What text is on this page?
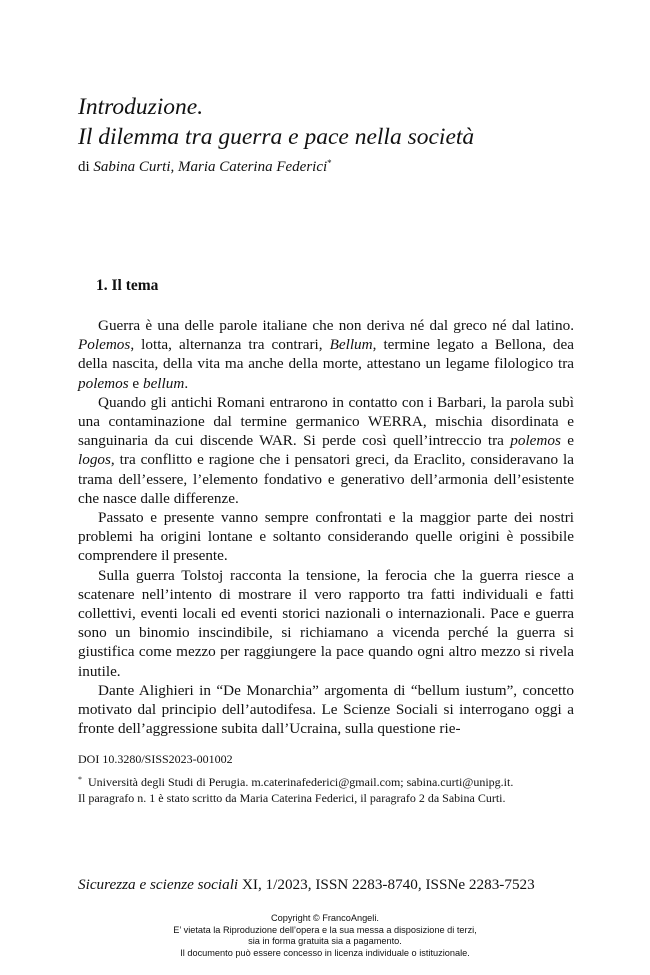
Introduzione.
Il dilemma tra guerra e pace nella società
di Sabina Curti, Maria Caterina Federici*
1. Il tema

Guerra è una delle parole italiane che non deriva né dal greco né dal latino. Polemos, lotta, alternanza tra contrari, Bellum, termine legato a Bellona, dea della nascita, della vita ma anche della morte, attestano un legame filologico tra polemos e bellum.

Quando gli antichi Romani entrarono in contatto con i Barbari, la parola subì una contaminazione dal termine germanico WERRA, mischia disordinata e sanguinaria da cui discende WAR. Si perde così quell’intreccio tra polemos e logos, tra conflitto e ragione che i pensatori greci, da Eraclito, consideravano la trama dell’essere, l’elemento fondativo e generativo dell’armonia dell’esistente che nasce dalle differenze.

Passato e presente vanno sempre confrontati e la maggior parte dei nostri problemi ha origini lontane e soltanto considerando quelle origini è possibile comprendere il presente.

Sulla guerra Tolstoj racconta la tensione, la ferocia che la guerra riesce a scatenare nell’intento di mostrare il vero rapporto tra fatti individuali e fatti collettivi, eventi locali ed eventi storici nazionali o internazionali. Pace e guerra sono un binomio inscindibile, si richiamano a vicenda perché la guerra si giustifica come mezzo per raggiungere la pace quando ogni altro mezzo si rivela inutile.

Dante Alighieri in “De Monarchia” argomenta di “bellum iustum”, concetto motivato dal principio dell’autodifesa. Le Scienze Sociali si interrogano oggi a fronte dell’aggressione subita dall’Ucraina, sulla questione rie-

DOI 10.3280/SISS2023-001002

* Università degli Studi di Perugia. m.caterinafederici@gmail.com; sabina.curti@unipg.it.

Il paragrafo n. 1 è stato scritto da Maria Caterina Federici, il paragrafo 2 da Sabina Curti.

Sicurezza e scienze sociali XI, 1/2023, ISSN 2283-8740, ISSNe 2283-7523
Copyright © FrancoAngeli.
E’ vietata la Riproduzione dell’opera e la sua messa a disposizione di terzi,
sia in forma gratuita sia a pagamento.
Il documento può essere concesso in licenza individuale o istituzionale.
